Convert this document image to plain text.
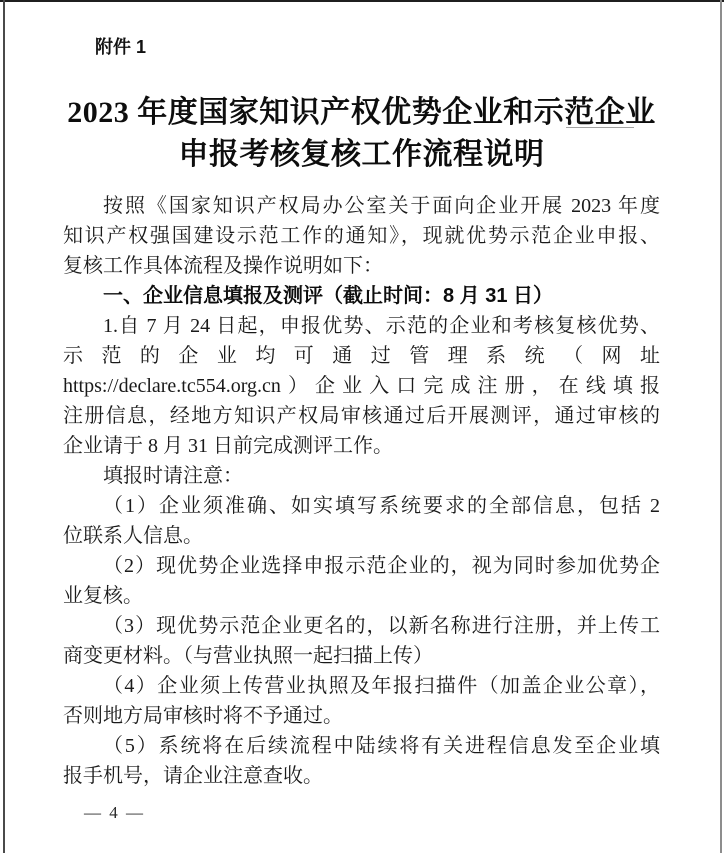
附件 1
2023 年度国家知识产权优势企业和示范企业
申报考核复核工作流程说明
按照《国家知识产权局办公室关于面向企业开展 2023 年度
知识产权强国建设示范工作的通知》，现就优势示范企业申报、
复核工作具体流程及操作说明如下：
一、企业信息填报及测评（截止时间：8 月 31 日）
1.自 7 月 24 日起，申报优势、示范的企业和考核复核优势、
示范的企业均可通过管理系统（网址
https://declare.tc554.org.cn）企业入口完成注册，在线填报
注册信息，经地方知识产权局审核通过后开展测评，通过审核的
企业请于 8 月 31 日前完成测评工作。
填报时请注意：
（1）企业须准确、如实填写系统要求的全部信息，包括 2
位联系人信息。
（2）现优势企业选择申报示范企业的，视为同时参加优势企
业复核。
（3）现优势示范企业更名的，以新名称进行注册，并上传工
商变更材料。（与营业执照一起扫描上传）
（4）企业须上传营业执照及年报扫描件（加盖企业公章），
否则地方局审核时将不予通过。
（5）系统将在后续流程中陆续将有关进程信息发至企业填
报手机号，请企业注意查收。
— 4 —
